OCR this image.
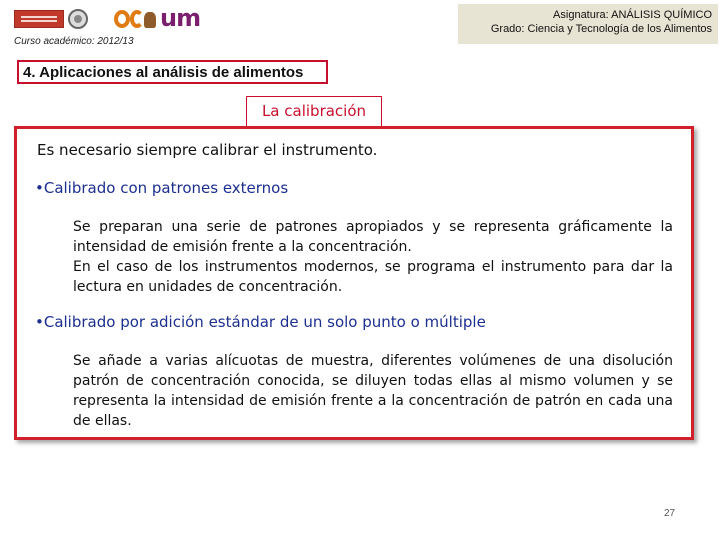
um
Curso académico: 2012/13
Asignatura: ANÁLISIS QUÍMICO
Grado: Ciencia y Tecnología de los Alimentos
4. Aplicaciones al análisis de alimentos
La calibración
Es necesario siempre calibrar el instrumento.
•Calibrado con patrones externos

Se preparan una serie de patrones apropiados y se representa gráficamente la intensidad de emisión frente a la concentración.

En el caso de los instrumentos modernos, se programa el instrumento para dar la lectura en unidades de concentración.

•Calibrado por adición estándar de un solo punto o múltiple

Se añade a varias alícuotas de muestra, diferentes volúmenes de una disolución patrón de concentración conocida, se diluyen todas ellas al mismo volumen y se representa la intensidad de emisión frente a la concentración de patrón en cada una de ellas.

27
